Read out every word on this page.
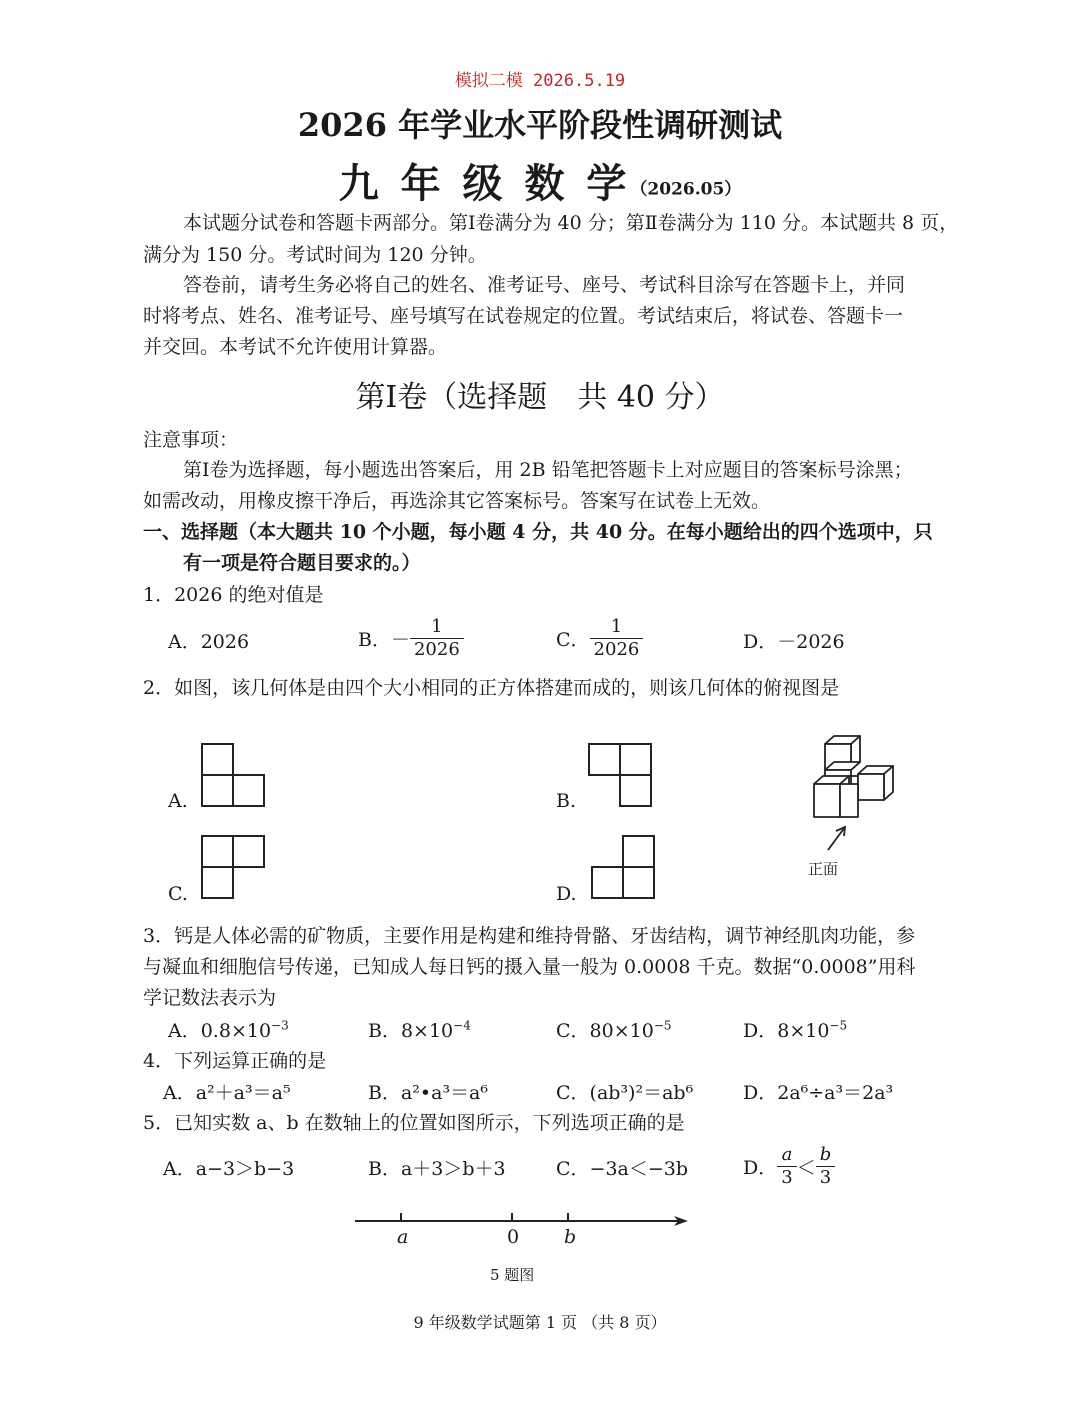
模拟二模 2026.5.19
2026 年学业水平阶段性调研测试
九 年 级 数 学（2026.05）
本试题分试卷和答题卡两部分。第Ⅰ卷满分为 40 分；第Ⅱ卷满分为 110 分。本试题共 8 页，
满分为 150 分。考试时间为 120 分钟。
答卷前，请考生务必将自己的姓名、准考证号、座号、考试科目涂写在答题卡上，并同
时将考点、姓名、准考证号、座号填写在试卷规定的位置。考试结束后，将试卷、答题卡一
并交回。本考试不允许使用计算器。
第Ⅰ卷（选择题　共 40 分）
注意事项：
第Ⅰ卷为选择题，每小题选出答案后，用 2B 铅笔把答题卡上对应题目的答案标号涂黑；
如需改动，用橡皮擦干净后，再选涂其它答案标号。答案写在试卷上无效。
一、选择题（本大题共 10 个小题，每小题 4 分，共 40 分。在每小题给出的四个选项中，只
有一项是符合题目要求的。）
1．2026 的绝对值是
A．2026	B．－ $\frac{1}{2026}$	C． $\frac{1}{2026}$	D．－2026
2．如图，该几何体是由四个大小相同的正方体搭建而成的，则该几何体的俯视图是
A.	B.
C.	D.
正面
3．钙是人体必需的矿物质，主要作用是构建和维持骨骼、牙齿结构，调节神经肌肉功能，参
与凝血和细胞信号传递，已知成人每日钙的摄入量一般为 0.0008 千克。数据“0.0008”用科
学记数法表示为
A．$0.8\times 10^{-3}$	B．$8\times 10^{-4}$	C．$80\times 10^{-5}$	D．$8\times 10^{-5}$
4．下列运算正确的是
A．a²＋a³＝a⁵	B．a²•a³＝a⁶	C．(ab³)²＝ab⁶	D．2a⁶÷a³＝2a³
5．已知实数 a、b 在数轴上的位置如图所示，下列选项正确的是
A．a−3＞b−3	B．a＋3＞b＋3	C．−3a＜−3b	D． $\frac{a}{3} < \frac{b}{3}$
a	0 b
5 题图
9 年级数学试题第 1 页 （共 8 页）
